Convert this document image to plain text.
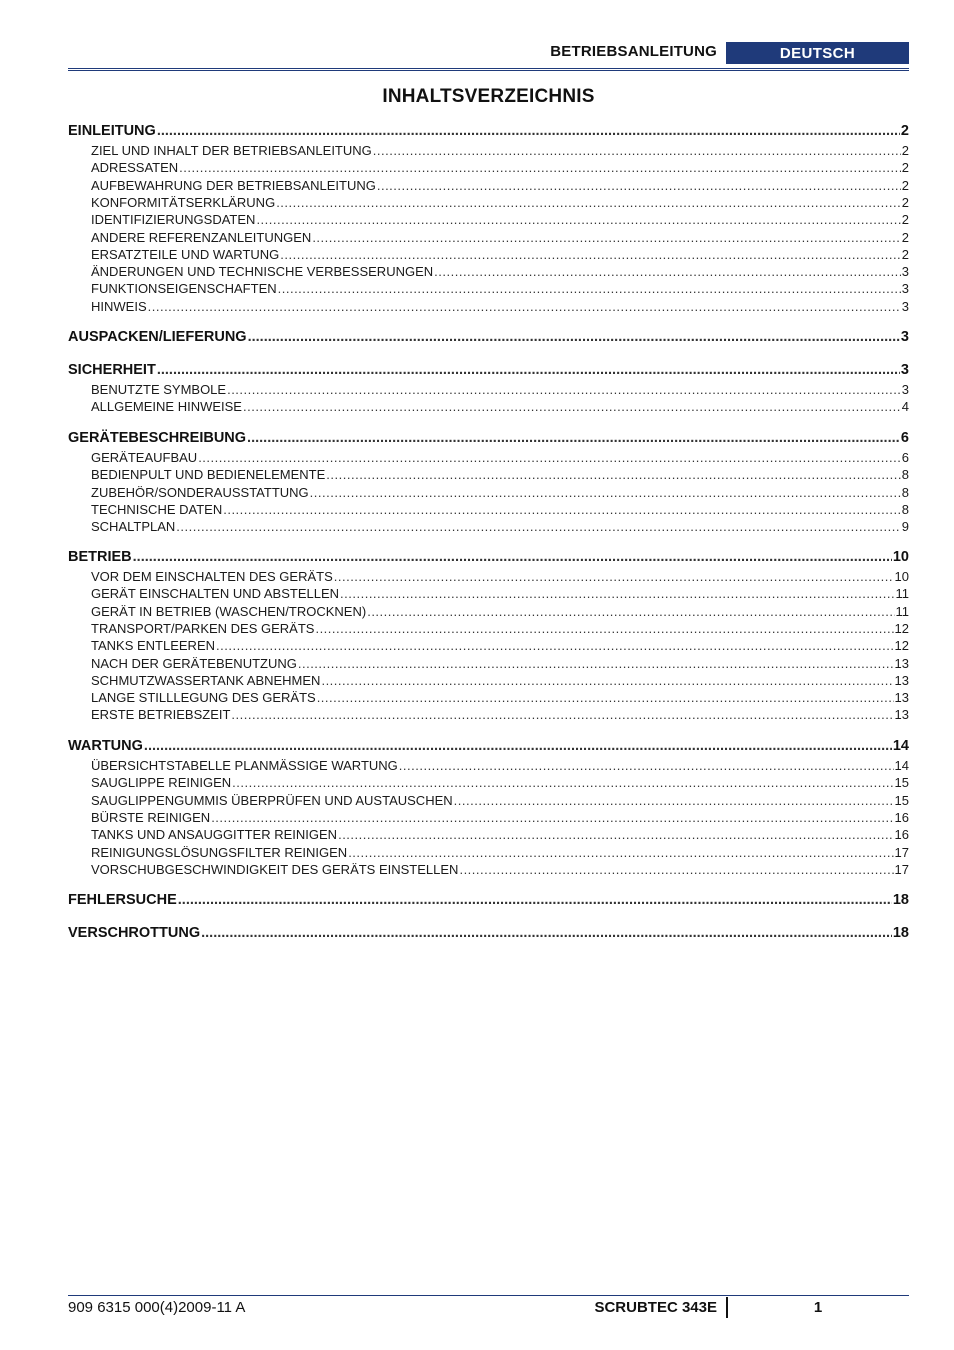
BETRIEBSANLEITUNG	DEUTSCH
INHALTSVERZEICHNIS
EINLEITUNG .....	2
ZIEL UND INHALT DER BETRIEBSANLEITUNG .....	2
ADRESSATEN .....	2
AUFBEWAHRUNG DER BETRIEBSANLEITUNG .....	2
KONFORMITÄTSERKLÄRUNG .....	2
IDENTIFIZIERUNGSDATEN .....	2
ANDERE REFERENZANLEITUNGEN .....	2
ERSATZTEILE UND WARTUNG .....	2
ÄNDERUNGEN UND TECHNISCHE VERBESSERUNGEN .....	3
FUNKTIONSEIGENSCHAFTEN .....	3
HINWEIS .....	3
AUSPACKEN/LIEFERUNG .....	3
SICHERHEIT .....	3
BENUTZTE SYMBOLE .....	3
ALLGEMEINE HINWEISE .....	4
GERÄTEBESCHREIBUNG .....	6
GERÄTEAUFBAU .....	6
BEDIENPULT UND BEDIENELEMENTE .....	8
ZUBEHÖR/SONDERAUSSTATTUNG .....	8
TECHNISCHE DATEN .....	8
SCHALTPLAN .....	9
BETRIEB .....	10
VOR DEM EINSCHALTEN DES GERÄTS .....	10
GERÄT EINSCHALTEN UND ABSTELLEN .....	11
GERÄT IN BETRIEB (WASCHEN/TROCKNEN) .....	11
TRANSPORT/PARKEN DES GERÄTS .....	12
TANKS ENTLEEREN .....	12
NACH DER GERÄTEBENUTZUNG .....	13
SCHMUTZWASSERTANK ABNEHMEN .....	13
LANGE STILLLEGUNG DES GERÄTS .....	13
ERSTE BETRIEBSZEIT .....	13
WARTUNG .....	14
ÜBERSICHTSTABELLE PLANMÄSSIGE WARTUNG .....	14
SAUGLIPPE REINIGEN .....	15
SAUGLIPPENGUMMIS ÜBERPRÜFEN UND AUSTAUSCHEN .....	15
BÜRSTE REINIGEN .....	16
TANKS UND ANSAUGGITTER REINIGEN .....	16
REINIGUNGSLÖSUNGSFILTER REINIGEN .....	17
VORSCHUBGESCHWINDIGKEIT DES GERÄTS EINSTELLEN .....	17
FEHLERSUCHE .....	18
VERSCHROTTUNG .....	18
909 6315 000(4)2009-11 A	SCRUBTEC 343E	1
